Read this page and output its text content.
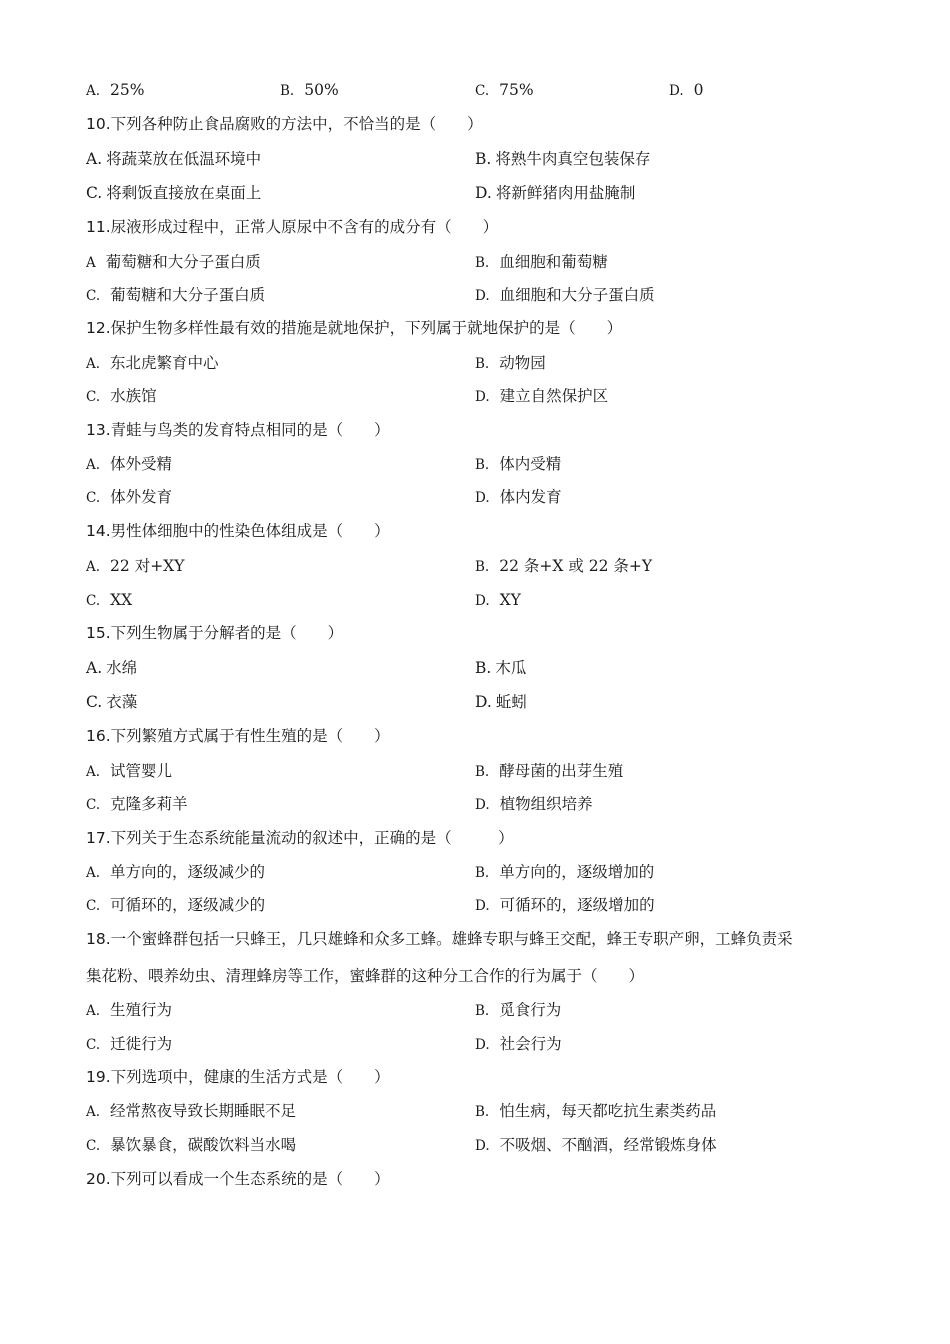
A. 25%	B. 50%	C. 75%	D. 0
10.下列各种防止食品腐败的方法中，不恰当的是（　　）
A. 将蔬菜放在低温环境中	B. 将熟牛肉真空包装保存
C. 将剩饭直接放在桌面上	D. 将新鲜猪肉用盐腌制
11.尿液形成过程中，正常人原尿中不含有的成分有（　　）
A 葡萄糖和大分子蛋白质	B. 血细胞和葡萄糖
C. 葡萄糖和大分子蛋白质	D. 血细胞和大分子蛋白质
12.保护生物多样性最有效的措施是就地保护，下列属于就地保护的是（　　）
A. 东北虎繁育中心	B. 动物园
C. 水族馆	D. 建立自然保护区
13.青蛙与鸟类的发育特点相同的是（　　）
A. 体外受精	B. 体内受精
C. 体外发育	D. 体内发育
14.男性体细胞中的性染色体组成是（　　）
A. 22 对+XY	B. 22 条+X 或 22 条+Y
C. XX	D. XY
15.下列生物属于分解者的是（　　）
A. 水绵	B. 木瓜
C. 衣藻	D. 蚯蚓
16.下列繁殖方式属于有性生殖的是（　　）
A. 试管婴儿	B. 酵母菌的出芽生殖
C. 克隆多莉羊	D. 植物组织培养
17.下列关于生态系统能量流动的叙述中，正确的是（　　　）
A. 单方向的，逐级减少的	B. 单方向的，逐级增加的
C. 可循环的，逐级减少的	D. 可循环的，逐级增加的
18.一个蜜蜂群包括一只蜂王，几只雄蜂和众多工蜂。雄蜂专职与蜂王交配，蜂王专职产卵，工蜂负责采
集花粉、喂养幼虫、清理蜂房等工作，蜜蜂群的这种分工合作的行为属于（　　）
A. 生殖行为	B. 觅食行为
C. 迁徙行为	D. 社会行为
19.下列选项中，健康的生活方式是（　　）
A. 经常熬夜导致长期睡眠不足	B. 怕生病，每天都吃抗生素类药品
C. 暴饮暴食，碳酸饮料当水喝	D. 不吸烟、不酗酒，经常锻炼身体
20.下列可以看成一个生态系统的是（　　）
